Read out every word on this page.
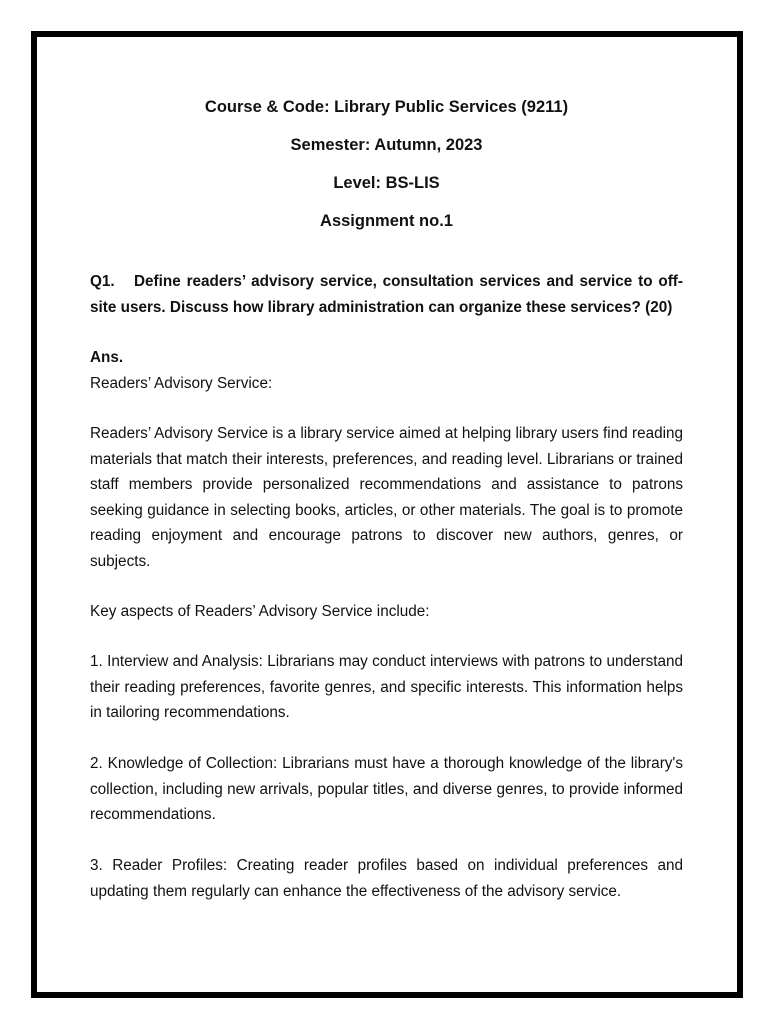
Course & Code: Library Public Services (9211)
Semester: Autumn, 2023
Level: BS-LIS
Assignment no.1
Q1. Define readers’ advisory service, consultation services and service to off-site users. Discuss how library administration can organize these services? (20)
Ans.
Readers’ Advisory Service:
Readers’ Advisory Service is a library service aimed at helping library users find reading materials that match their interests, preferences, and reading level. Librarians or trained staff members provide personalized recommendations and assistance to patrons seeking guidance in selecting books, articles, or other materials. The goal is to promote reading enjoyment and encourage patrons to discover new authors, genres, or subjects.
Key aspects of Readers’ Advisory Service include:
1. Interview and Analysis: Librarians may conduct interviews with patrons to understand their reading preferences, favorite genres, and specific interests. This information helps in tailoring recommendations.
2. Knowledge of Collection: Librarians must have a thorough knowledge of the library's collection, including new arrivals, popular titles, and diverse genres, to provide informed recommendations.
3. Reader Profiles: Creating reader profiles based on individual preferences and updating them regularly can enhance the effectiveness of the advisory service.
